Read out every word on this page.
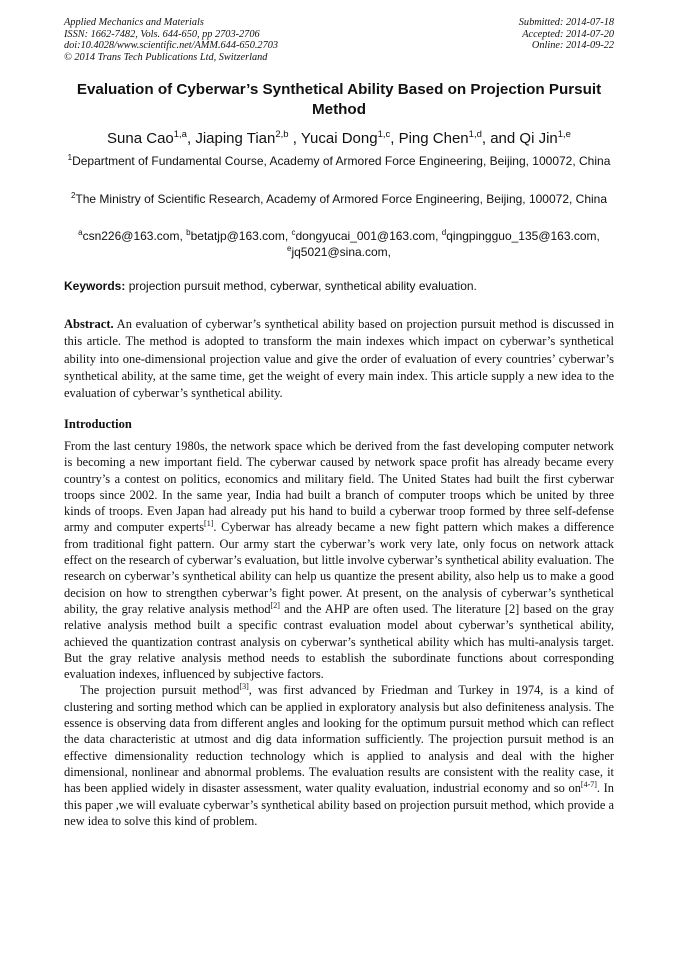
Applied Mechanics and Materials
ISSN: 1662-7482, Vols. 644-650, pp 2703-2706
doi:10.4028/www.scientific.net/AMM.644-650.2703
© 2014 Trans Tech Publications Ltd, Switzerland
Submitted: 2014-07-18
Accepted: 2014-07-20
Online: 2014-09-22
Evaluation of Cyberwar’s Synthetical Ability Based on Projection Pursuit Method
Suna Cao$^{1,a}$, Jiaping Tian$^{2,b}$ , Yucai Dong$^{1,c}$, Ping Chen$^{1,d}$, and Qi Jin$^{1,e}$
$^1$Department of Fundamental Course, Academy of Armored Force Engineering, Beijing, 100072, China
$^2$The Ministry of Scientific Research, Academy of Armored Force Engineering, Beijing, 100072, China
$^a$csn226@163.com, $^b$betatjp@163.com, $^c$dongyucai_001@163.com, $^d$qingpingguo_135@163.com, $^e$jq5021@sina.com,
Keywords: projection pursuit method, cyberwar, synthetical ability evaluation.
Abstract. An evaluation of cyberwar’s synthetical ability based on projection pursuit method is discussed in this article. The method is adopted to transform the main indexes which impact on cyberwar’s synthetical ability into one-dimensional projection value and give the order of evaluation of every countries’ cyberwar’s synthetical ability, at the same time, get the weight of every main index. This article supply a new idea to the evaluation of cyberwar’s synthetical ability.
Introduction

From the last century 1980s, the network space which be derived from the fast developing computer network is becoming a new important field. The cyberwar caused by network space profit has already became every country’s a contest on politics, economics and military field. The United States had built the first cyberwar troops since 2002. In the same year, India had built a branch of computer troops which be united by three kinds of troops. Even Japan had already put his hand to build a cyberwar troop formed by three self-defense army and computer experts[1]. Cyberwar has already became a new fight pattern which makes a difference from traditional fight pattern. Our army start the cyberwar’s work very late, only focus on network attack effect on the research of cyberwar’s evaluation, but little involve cyberwar’s synthetical ability evaluation. The research on cyberwar’s synthetical ability can help us quantize the present ability, also help us to make a good decision on how to strengthen cyberwar’s fight power. At present, on the analysis of cyberwar’s synthetical ability, the gray relative analysis method[2] and the AHP are often used. The literature [2] based on the gray relative analysis method built a specific contrast evaluation model about cyberwar’s synthetical ability, achieved the quantization contrast analysis on cyberwar’s synthetical ability which has multi-analysis target. But the gray relative analysis method needs to establish the subordinate functions about corresponding evaluation indexes, influenced by subjective factors.

The projection pursuit method[3], was first advanced by Friedman and Turkey in 1974, is a kind of clustering and sorting method which can be applied in exploratory analysis but also definiteness analysis. The essence is observing data from different angles and looking for the optimum pursuit method which can reflect the data characteristic at utmost and dig data information sufficiently. The projection pursuit method is an effective dimensionality reduction technology which is applied to analysis and deal with the higher dimensional, nonlinear and abnormal problems. The evaluation results are consistent with the reality case, it has been applied widely in disaster assessment, water quality evaluation, industrial economy and so on[4-7]. In this paper ,we will evaluate cyberwar’s synthetical ability based on projection pursuit method, which provide a new idea to solve this kind of problem.
